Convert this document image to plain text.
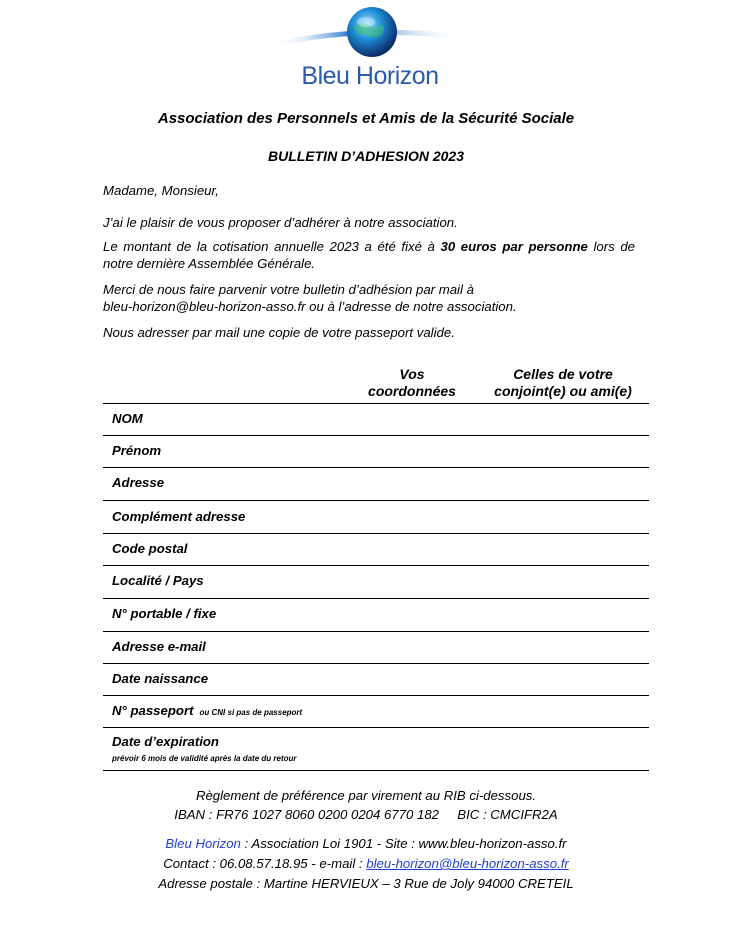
Bleu Horizon
Association des Personnels et Amis de la Sécurité Sociale
BULLETIN D’ADHESION 2023
Madame, Monsieur,
J’ai le plaisir de vous proposer d’adhérer à notre association.
Le montant de la cotisation annuelle 2023 a été fixé à 30 euros par personne lors de notre dernière Assemblée Générale.
Merci de nous faire parvenir votre bulletin d’adhésion par mail à
bleu-horizon@bleu-horizon-asso.fr ou à l’adresse de notre association.
Nous adresser par mail une copie de votre passeport valide.
Vos
coordonnées
Celles de votre
conjoint(e) ou ami(e)
NOM
Prénom
Adresse
Complément adresse
Code postal
Localité / Pays
N° portable / fixe
Adresse e-mail
Date naissance
N° passeport ou CNI si pas de passeport
Date d’expiration
prévoir 6 mois de validité après la date du retour
Règlement de préférence par virement au RIB ci-dessous.
IBAN : FR76 1027 8060 0200 0204 6770 182     BIC : CMCIFR2A
Bleu Horizon : Association Loi 1901 - Site : www.bleu-horizon-asso.fr
Contact : 06.08.57.18.95 - e-mail : bleu-horizon@bleu-horizon-asso.fr
Adresse postale : Martine HERVIEUX – 3 Rue de Joly 94000 CRETEIL
